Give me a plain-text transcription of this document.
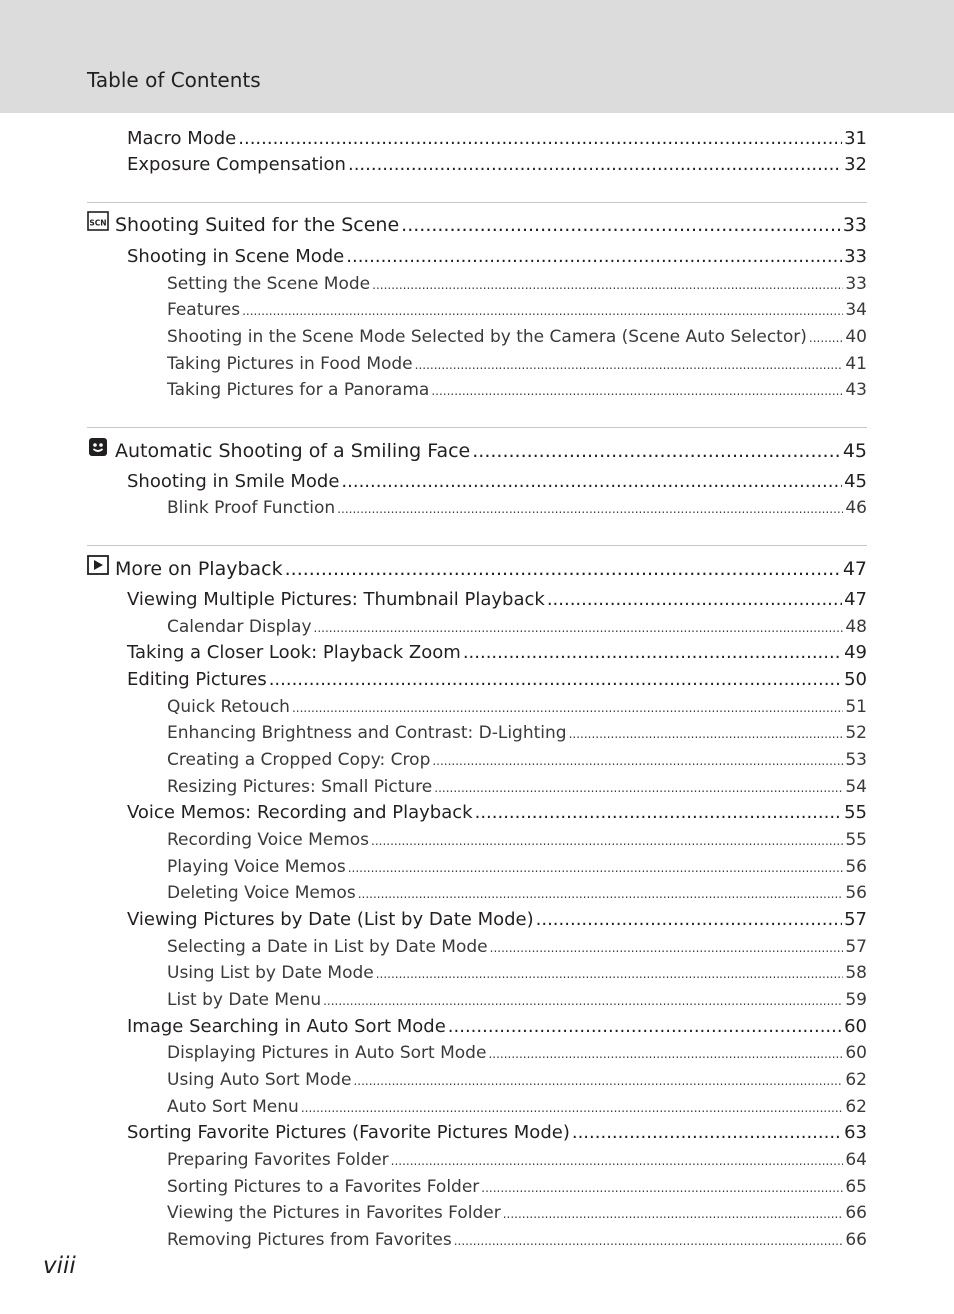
Table of Contents
Macro Mode .....	31
Exposure Compensation .....	32
SCN Shooting Suited for the Scene .....	33
Shooting in Scene Mode .....	33
Setting the Scene Mode .....	33
Features .....	34
Shooting in the Scene Mode Selected by the Camera (Scene Auto Selector) ..... 40
Taking Pictures in Food Mode .....	41
Taking Pictures for a Panorama .....	43
Automatic Shooting of a Smiling Face .....	45
Shooting in Smile Mode .....	45
Blink Proof Function .....	46
More on Playback .....	47
Viewing Multiple Pictures: Thumbnail Playback .....	47
Calendar Display .....	48
Taking a Closer Look: Playback Zoom .....	49
Editing Pictures .....	50
Quick Retouch .....	51
Enhancing Brightness and Contrast: D-Lighting .....	52
Creating a Cropped Copy: Crop .....	53
Resizing Pictures: Small Picture .....	54
Voice Memos: Recording and Playback .....	55
Recording Voice Memos .....	55
Playing Voice Memos .....	56
Deleting Voice Memos .....	56
Viewing Pictures by Date (List by Date Mode) .....	57
Selecting a Date in List by Date Mode .....	57
Using List by Date Mode .....	58
List by Date Menu .....	59
Image Searching in Auto Sort Mode .....	60
Displaying Pictures in Auto Sort Mode .....	60
Using Auto Sort Mode .....	62
Auto Sort Menu .....	62
Sorting Favorite Pictures (Favorite Pictures Mode) .....	63
Preparing Favorites Folder .....	64
Sorting Pictures to a Favorites Folder .....	65
Viewing the Pictures in Favorites Folder .....	66
Removing Pictures from Favorites .....	66
viii
